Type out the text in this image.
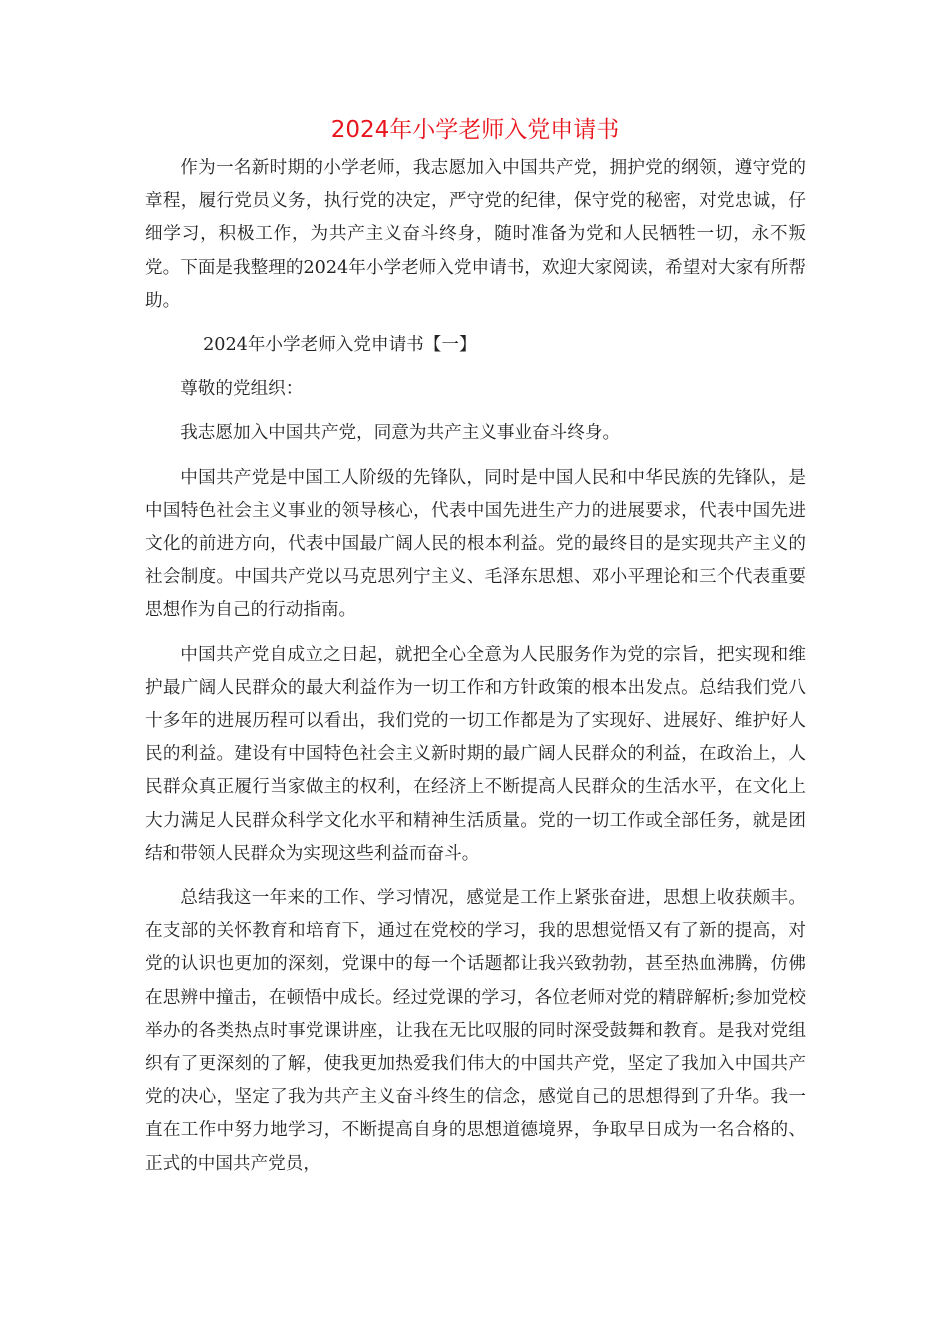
2024年小学老师入党申请书

作为一名新时期的小学老师，我志愿加入中国共产党，拥护党的纲领，遵守党的章程，履行党员义务，执行党的决定，严守党的纪律，保守党的秘密，对党忠诚，仔细学习，积极工作，为共产主义奋斗终身，随时准备为党和人民牺牲一切，永不叛党。下面是我整理的2024年小学老师入党申请书，欢迎大家阅读，希望对大家有所帮助。

2024年小学老师入党申请书【一】

尊敬的党组织：

我志愿加入中国共产党，同意为共产主义事业奋斗终身。

中国共产党是中国工人阶级的先锋队，同时是中国人民和中华民族的先锋队，是中国特色社会主义事业的领导核心，代表中国先进生产力的进展要求，代表中国先进文化的前进方向，代表中国最广阔人民的根本利益。党的最终目的是实现共产主义的社会制度。中国共产党以马克思列宁主义、毛泽东思想、邓小平理论和三个代表重要思想作为自己的行动指南。

中国共产党自成立之日起，就把全心全意为人民服务作为党的宗旨，把实现和维护最广阔人民群众的最大利益作为一切工作和方针政策的根本出发点。总结我们党八十多年的进展历程可以看出，我们党的一切工作都是为了实现好、进展好、维护好人民的利益。建设有中国特色社会主义新时期的最广阔人民群众的利益，在政治上，人民群众真正履行当家做主的权利，在经济上不断提高人民群众的生活水平，在文化上大力满足人民群众科学文化水平和精神生活质量。党的一切工作或全部任务，就是团结和带领人民群众为实现这些利益而奋斗。

总结我这一年来的工作、学习情况，感觉是工作上紧张奋进，思想上收获颇丰。在支部的关怀教育和培育下，通过在党校的学习，我的思想觉悟又有了新的提高，对党的认识也更加的深刻，党课中的每一个话题都让我兴致勃勃，甚至热血沸腾，仿佛在思辨中撞击，在顿悟中成长。经过党课的学习，各位老师对党的精辟解析;参加党校举办的各类热点时事党课讲座，让我在无比叹服的同时深受鼓舞和教育。是我对党组织有了更深刻的了解，使我更加热爱我们伟大的中国共产党，坚定了我加入中国共产党的决心，坚定了我为共产主义奋斗终生的信念，感觉自己的思想得到了升华。我一直在工作中努力地学习，不断提高自身的思想道德境界，争取早日成为一名合格的、正式的中国共产党员，
